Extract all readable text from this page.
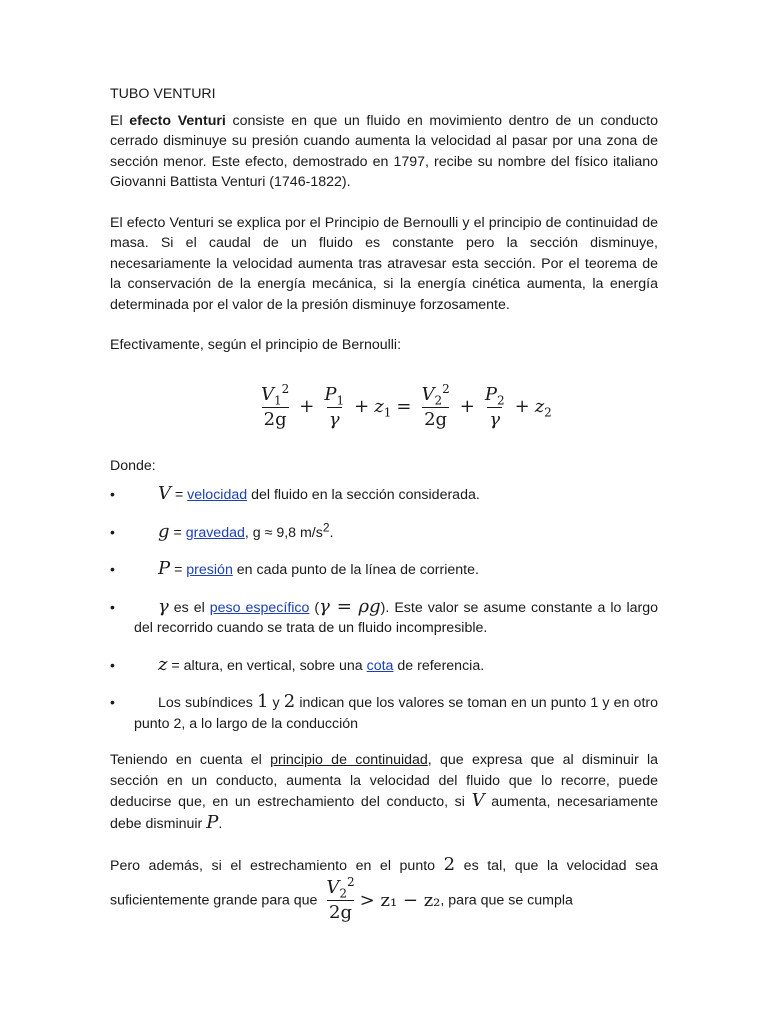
TUBO VENTURI

El efecto Venturi consiste en que un fluido en movimiento dentro de un conducto cerrado disminuye su presión cuando aumenta la velocidad al pasar por una zona de sección menor. Este efecto, demostrado en 1797, recibe su nombre del físico italiano Giovanni Battista Venturi (1746-1822).

El efecto Venturi se explica por el Principio de Bernoulli y el principio de continuidad de masa. Si el caudal de un fluido es constante pero la sección disminuye, necesariamente la velocidad aumenta tras atravesar esta sección. Por el teorema de la conservación de la energía mecánica, si la energía cinética aumenta, la energía determinada por el valor de la presión disminuye forzosamente.

Efectivamente, según el principio de Bernoulli:

$\frac{V_1^2}{2g} + \frac{P_1}{\gamma} + z_1 = \frac{V_2^2}{2g} + \frac{P_2}{\gamma} + z_2$

Donde:

• V = velocidad del fluido en la sección considerada.
• g = gravedad, g ≈ 9,8 $m/s^2$.
• P = presión en cada punto de la línea de corriente.
• γ es el peso específico (γ = ρg). Este valor se asume constante a lo largo del recorrido cuando se trata de un fluido incompresible.
• z = altura, en vertical, sobre una cota de referencia.
•	Los subíndices 1 y 2 indican que los valores se toman en un punto 1 y en otro punto 2, a lo largo de la conducción

Teniendo en cuenta el principio de continuidad, que expresa que al disminuir la sección en un conducto, aumenta la velocidad del fluido que lo recorre, puede deducirse que, en un estrechamiento del conducto, si V aumenta, necesariamente debe disminuir P.

Pero además, si el estrechamiento en el punto 2 es tal, que la velocidad sea suficientemente grande para que $\frac{V_2^2}{2g} > z_1 - z_2$ , para que se cumpla
